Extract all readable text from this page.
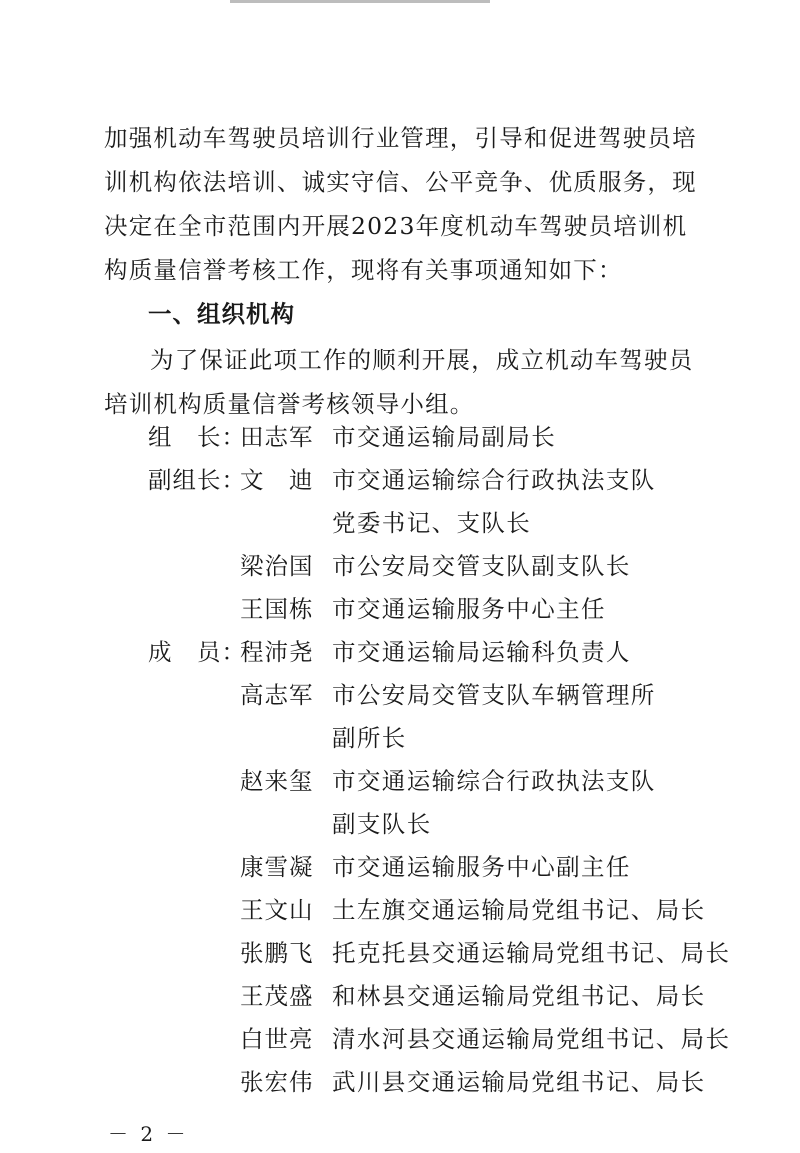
加强机动车驾驶员培训行业管理，引导和促进驾驶员培训机构依法培训、诚实守信、公平竞争、优质服务，现决定在全市范围内开展2023年度机动车驾驶员培训机构质量信誉考核工作，现将有关事项通知如下：

一、组织机构

为了保证此项工作的顺利开展，成立机动车驾驶员培训机构质量信誉考核领导小组。

组　长：
田志军 市交通运输局副局长
副组长：
文　迪 市交通运输综合行政执法支队
党委书记、支队长
梁治国 市公安局交管支队副支队长
王国栋 市交通运输服务中心主任
成　员：
程沛尧 市交通运输局运输科负责人
高志军 市公安局交管支队车辆管理所
副所长
赵来玺 市交通运输综合行政执法支队
副支队长
康雪凝 市交通运输服务中心副主任
王文山 土左旗交通运输局党组书记、局长
张鹏飞 托克托县交通运输局党组书记、局长
王茂盛 和林县交通运输局党组书记、局长
白世亮 清水河县交通运输局党组书记、局长
张宏伟 武川县交通运输局党组书记、局长
－ 2 －
